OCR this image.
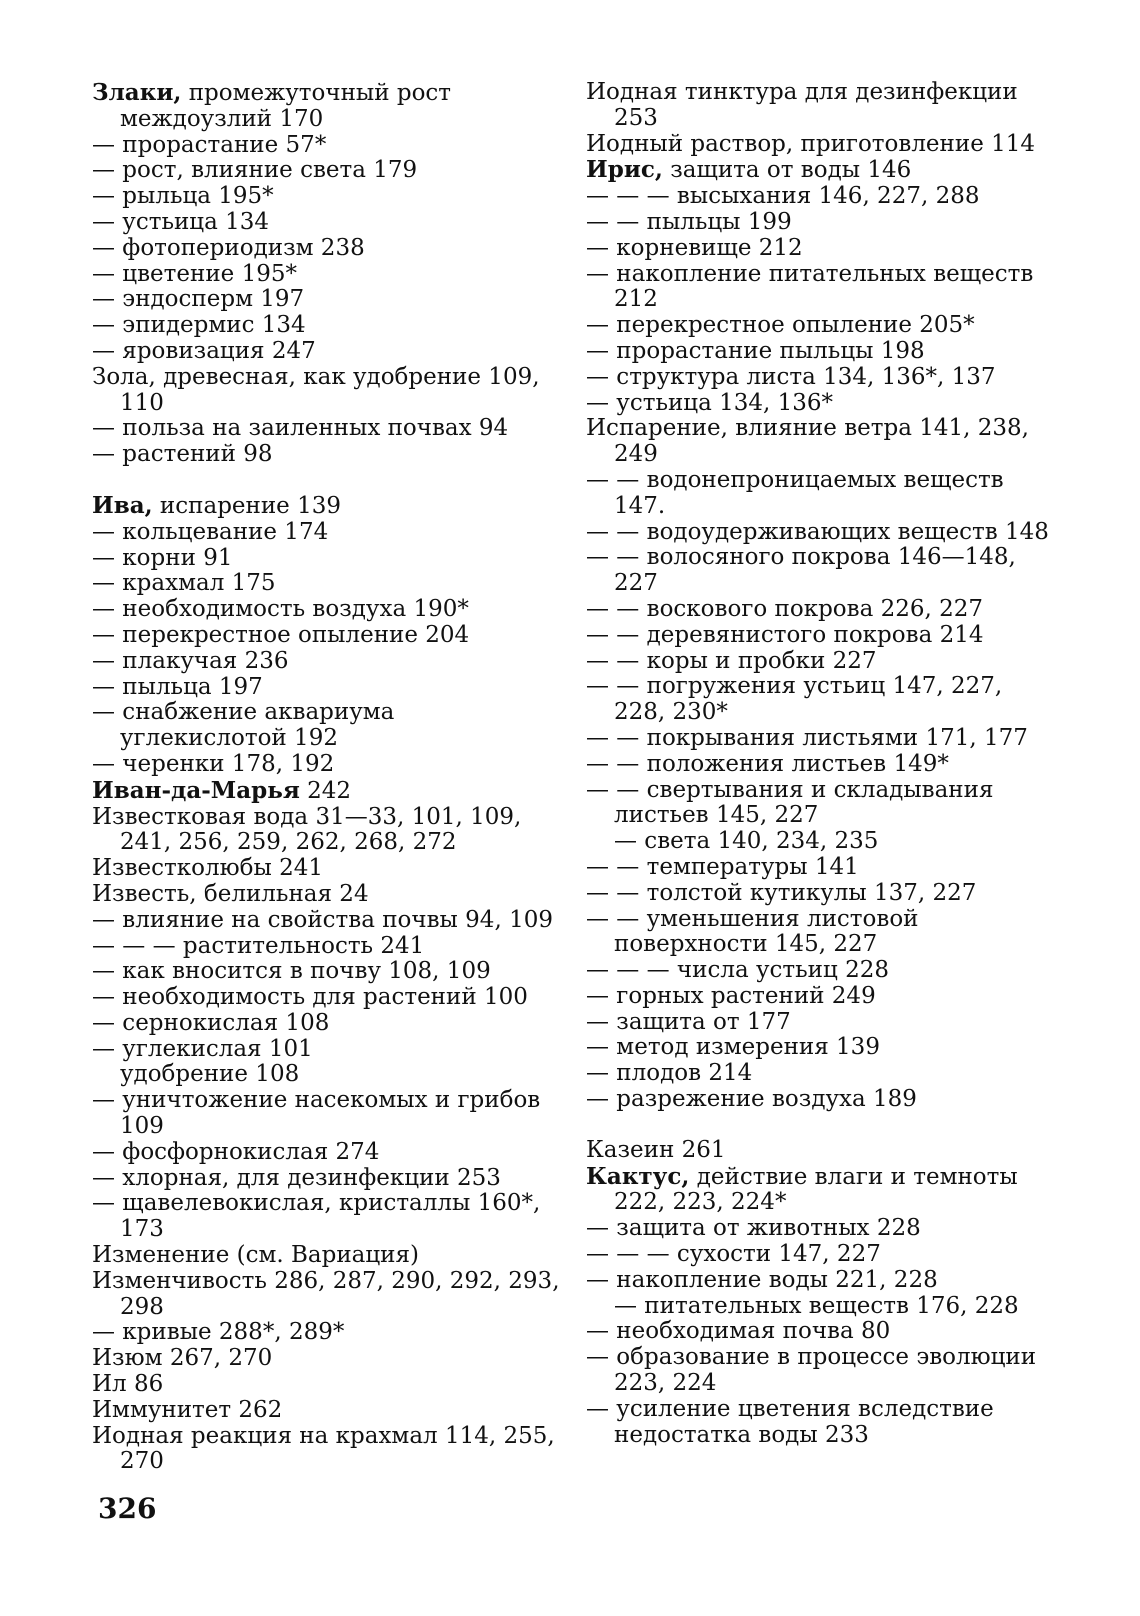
Злаки, промежуточный рост междоузлий 170
— прорастание 57*
— рост, влияние света 179
— рыльца 195*
— устьица 134
— фотопериодизм 238
— цветение 195*
— эндосперм 197
— эпидермис 134
— яровизация 247
Зола, древесная, как удобрение 109, 110
— польза на заиленных почвах 94
— растений 98
Ива, испарение 139
— кольцевание 174
— корни 91
— крахмал 175
— необходимость воздуха 190*
— перекрестное опыление 204
— плакучая 236
— пыльца 197
— снабжение аквариума углекислотой 192
— черенки 178, 192
Иван-да-Марья 242
Известковая вода 31—33, 101, 109, 241, 256, 259, 262, 268, 272
Известколюбы 241
Известь, белильная 24
— влияние на свойства почвы 94, 109
— — — растительность 241
— как вносится в почву 108, 109
— необходимость для растений 100
— сернокислая 108
— углекислая 101
удобрение 108
— уничтожение насекомых и грибов 109
— фосфорнокислая 274
— хлорная, для дезинфекции 253
— щавелевокислая, кристаллы 160*, 173
Изменение (см. Вариация)
Изменчивость 286, 287, 290, 292, 293, 298
— кривые 288*, 289*
Изюм 267, 270
Ил 86
Иммунитет 262
Иодная реакция на крахмал 114, 255, 270
Иодная тинктура для дезинфекции 253
Иодный раствор, приготовление 114
Ирис, защита от воды 146
— — — высыхания 146, 227, 288
— — пыльцы 199
— корневище 212
— накопление питательных веществ 212
— перекрестное опыление 205*
— прорастание пыльцы 198
— структура листа 134, 136*, 137
— устьица 134, 136*
Испарение, влияние ветра 141, 238, 249
— — водонепроницаемых веществ 147.
— — водоудерживающих веществ 148
— — волосяного покрова 146—148, 227
— — воскового покрова 226, 227
— — деревянистого покрова 214
— — коры и пробки 227
— — погружения устьиц 147, 227, 228, 230*
— — покрывания листьями 171, 177
— — положения листьев 149*
— — свертывания и складывания листьев 145, 227
— света 140, 234, 235
— — температуры 141
— — толстой кутикулы 137, 227
— — уменьшения листовой поверхности 145, 227
— — — числа устьиц 228
— горных растений 249
— защита от 177
— метод измерения 139
— плодов 214
— разрежение воздуха 189
Казеин 261
Кактус, действие влаги и темноты 222, 223, 224*
— защита от животных 228
— — — сухости 147, 227
— накопление воды 221, 228
— питательных веществ 176, 228
— необходимая почва 80
— образование в процессе эволюции 223, 224
— усиление цветения вследствие недостатка воды 233
326
